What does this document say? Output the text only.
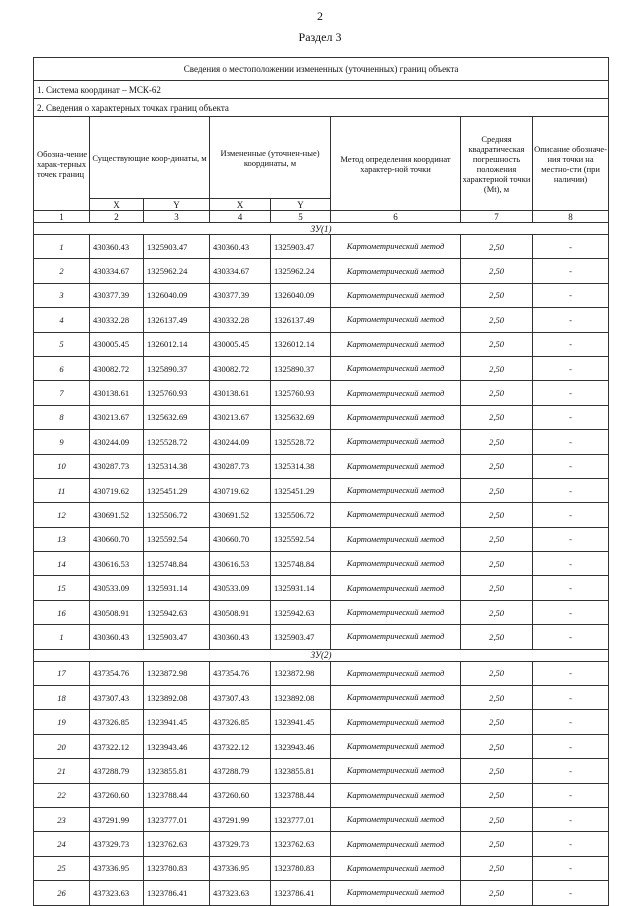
2
Раздел 3
Сведения о местоположении измененных (уточненных) границ объекта							
1. Система координат – МСК-62							
2. Сведения о характерных точках границ объекта							
Обозна-чение харак-терных точек границ	Существующие коор-динаты, м		Измененные (уточнен-ные) координаты, м		Метод определения координат характер-ной точки	Средняя квадратическая погрешность положения характерной точки (Mt), м	Описание обозначе-ния точки на местно-сти (при наличии)
	X	Y	X	Y			
1	2	3	4	5	6	7	8
ЗУ(1)							
1	430360.43	1325903.47	430360.43	1325903.47	Картометрический метод	2,50	-
2	430334.67	1325962.24	430334.67	1325962.24	Картометрический метод	2,50	-
3	430377.39	1326040.09	430377.39	1326040.09	Картометрический метод	2,50	-
4	430332.28	1326137.49	430332.28	1326137.49	Картометрический метод	2,50	-
5	430005.45	1326012.14	430005.45	1326012.14	Картометрический метод	2,50	-
6	430082.72	1325890.37	430082.72	1325890.37	Картометрический метод	2,50	-
7	430138.61	1325760.93	430138.61	1325760.93	Картометрический метод	2,50	-
8	430213.67	1325632.69	430213.67	1325632.69	Картометрический метод	2,50	-
9	430244.09	1325528.72	430244.09	1325528.72	Картометрический метод	2,50	-
10	430287.73	1325314.38	430287.73	1325314.38	Картометрический метод	2,50	-
11	430719.62	1325451.29	430719.62	1325451.29	Картометрический метод	2,50	-
12	430691.52	1325506.72	430691.52	1325506.72	Картометрический метод	2,50	-
13	430660.70	1325592.54	430660.70	1325592.54	Картометрический метод	2,50	-
14	430616.53	1325748.84	430616.53	1325748.84	Картометрический метод	2,50	-
15	430533.09	1325931.14	430533.09	1325931.14	Картометрический метод	2,50	-
16	430508.91	1325942.63	430508.91	1325942.63	Картометрический метод	2,50	-
1	430360.43	1325903.47	430360.43	1325903.47	Картометрический метод	2,50	-
ЗУ(2)							
17	437354.76	1323872.98	437354.76	1323872.98	Картометрический метод	2,50	-
18	437307.43	1323892.08	437307.43	1323892.08	Картометрический метод	2,50	-
19	437326.85	1323941.45	437326.85	1323941.45	Картометрический метод	2,50	-
20	437322.12	1323943.46	437322.12	1323943.46	Картометрический метод	2,50	-
21	437288.79	1323855.81	437288.79	1323855.81	Картометрический метод	2,50	-
22	437260.60	1323788.44	437260.60	1323788.44	Картометрический метод	2,50	-
23	437291.99	1323777.01	437291.99	1323777.01	Картометрический метод	2,50	-
24	437329.73	1323762.63	437329.73	1323762.63	Картометрический метод	2,50	-
25	437336.95	1323780.83	437336.95	1323780.83	Картометрический метод	2,50	-
26	437323.63	1323786.41	437323.63	1323786.41	Картометрический метод	2,50	-
